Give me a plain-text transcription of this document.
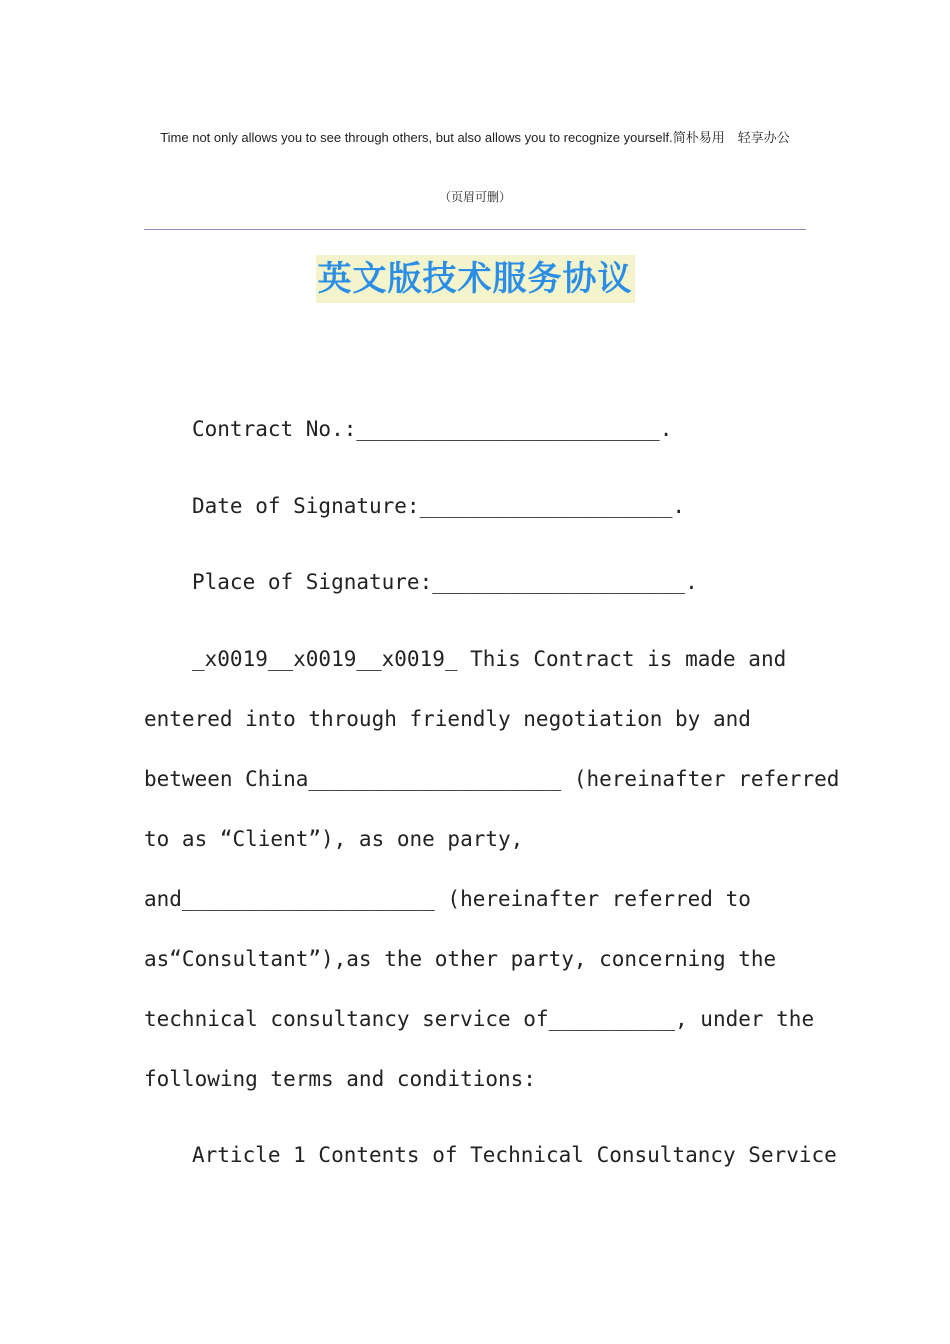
Time not only allows you to see through others, but also allows you to recognize yourself.简朴易用　轻享办公
（页眉可删）
英文版技术服务协议
Contract No.:________________________.
Date of Signature:____________________.
Place of Signature:____________________.
_x0019__x0019__x0019_ This Contract is made and
entered into through friendly negotiation by and
between China____________________ (hereinafter referred
to as “Client”), as one party,
and____________________ (hereinafter referred to
as“Consultant”),as the other party, concerning the
technical consultancy service of__________, under the
following terms and conditions:
Article 1 Contents of Technical Consultancy Service
